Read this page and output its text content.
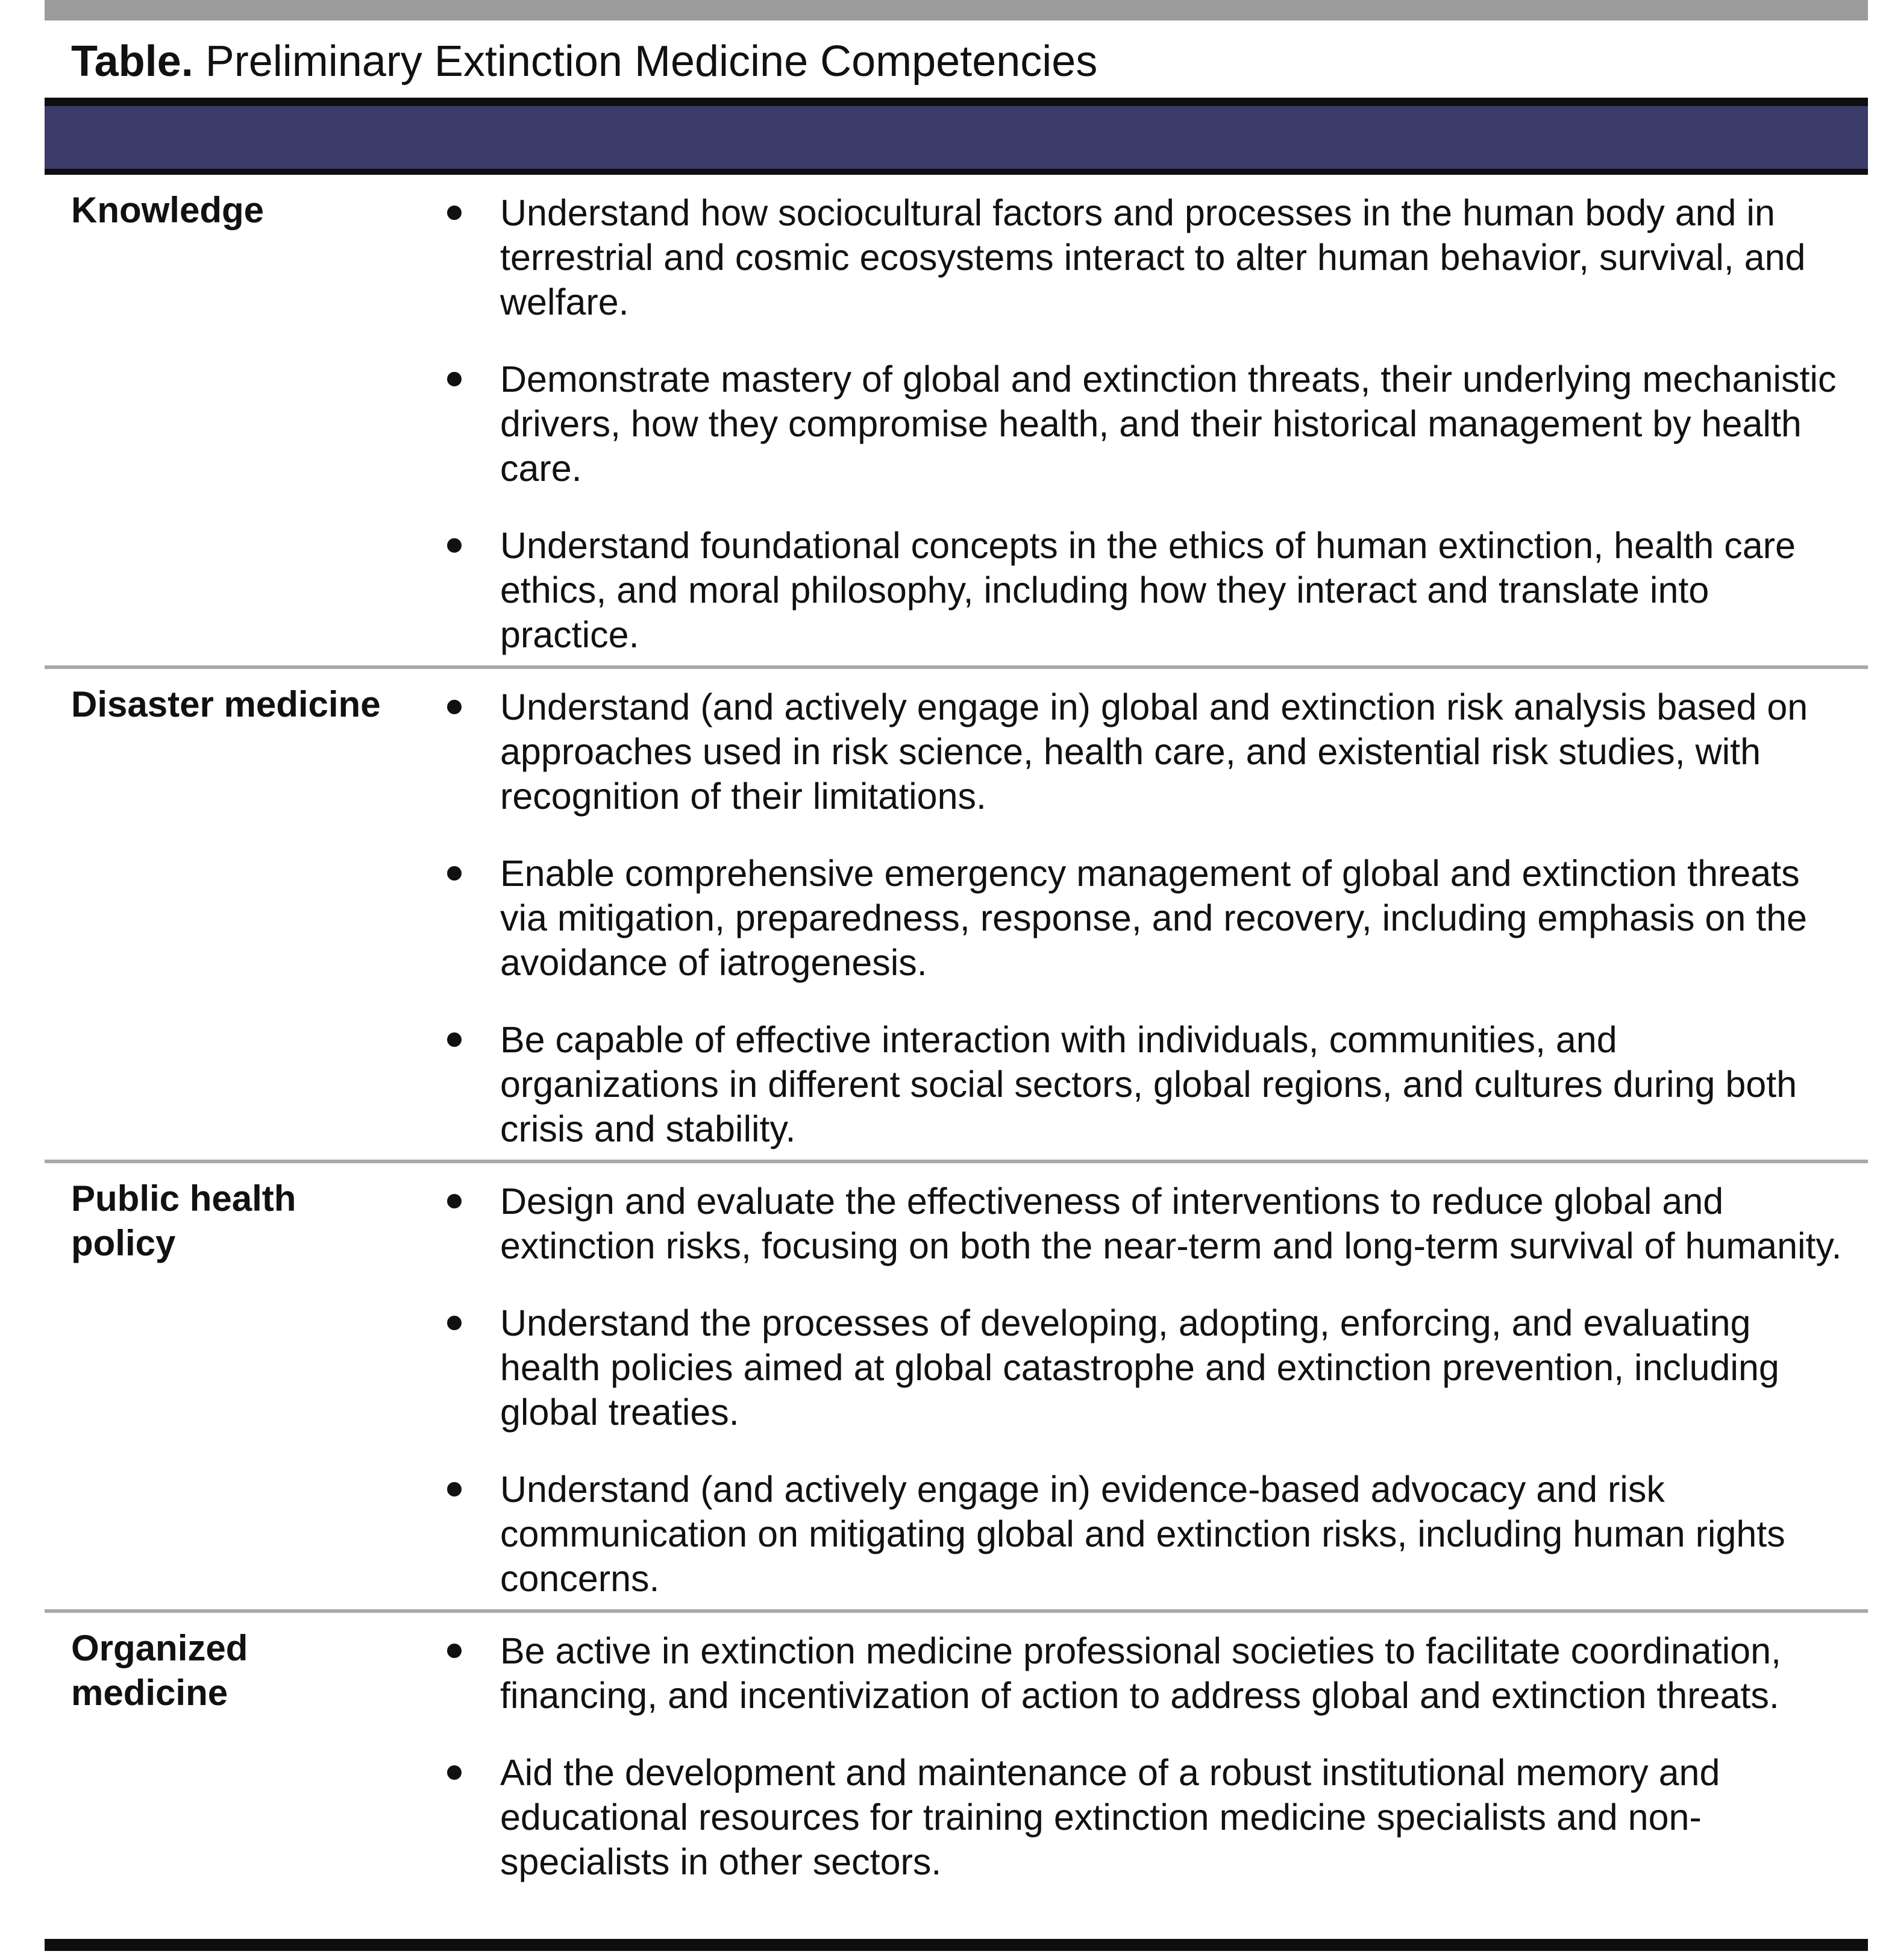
Table. Preliminary Extinction Medicine Competencies
Knowledge	Understand how sociocultural factors and processes in the human body and in terrestrial and cosmic ecosystems interact to alter human behavior, survival, and welfare.
Demonstrate mastery of global and extinction threats, their underlying mechanistic drivers, how they compromise health, and their historical management by health care.
Understand foundational concepts in the ethics of human extinction, health care ethics, and moral philosophy, including how they interact and translate into practice.
Disaster medicine	Understand (and actively engage in) global and extinction risk analysis based on approaches used in risk science, health care, and existential risk studies, with recognition of their limitations.
Enable comprehensive emergency management of global and extinction threats via mitigation, preparedness, response, and recovery, including emphasis on the avoidance of iatrogenesis.
Be capable of effective interaction with individuals, communities, and organizations in different social sectors, global regions, and cultures during both crisis and stability.
Public health policy
Design and evaluate the effectiveness of interventions to reduce global and extinction risks, focusing on both the near-term and long-term survival of humanity.
Understand the processes of developing, adopting, enforcing, and evaluating health policies aimed at global catastrophe and extinction prevention, including global treaties.
Understand (and actively engage in) evidence-based advocacy and risk communication on mitigating global and extinction risks, including human rights concerns.
Organized medicine
Be active in extinction medicine professional societies to facilitate coordination, financing, and incentivization of action to address global and extinction threats.
Aid the development and maintenance of a robust institutional memory and educational resources for training extinction medicine specialists and non-specialists in other sectors.
